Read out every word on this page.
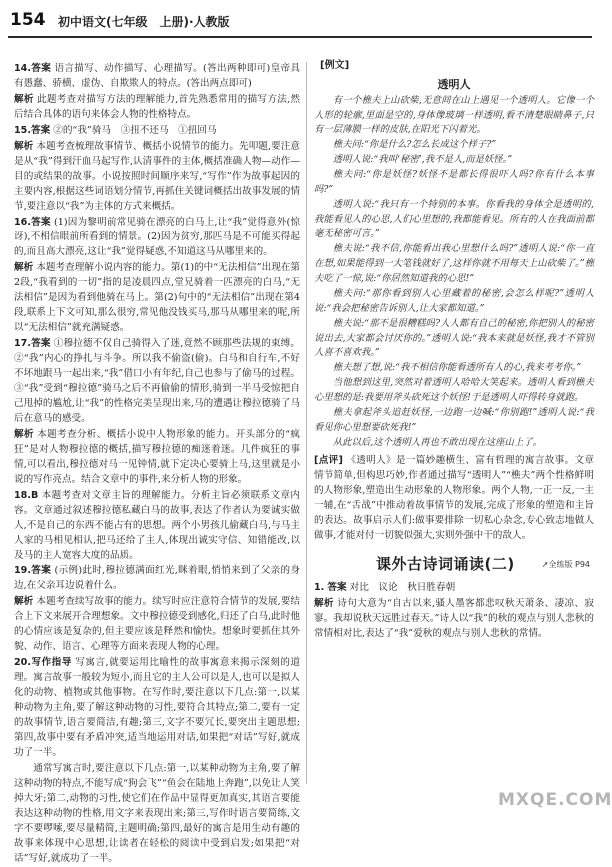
154 初中语文(七年级　上册)·人教版
14.答案 语言描写、动作描写、心理描写。(答出两种即可)皇帝具有愚蠢、骄横、虚伪、自欺欺人的特点。(答出两点即可)
解析 此题考查对描写方法的理解能力,首先熟悉常用的描写方法,然后结合具体的语句来体会人物的性格特点。
15.答案 ②的“我”骑马　③扭不还马　①扭回马
解析 本题考查梳理故事情节、概括小说情节的能力。先叩题,要注意是从“我”得到汗血马起写作,认清事件的主体,概括准确人物—动作—目的或结果的故事。小说按照时间顺序来写,“写作”作为故事起因的主要内容,根据这些词语划分情节,再抓住关键词概括出故事发展的情节,要注意以“我”为主体的方式来概括。
16.答案 (1)因为黎明前常见骑在漂亮的白马上,让“我”觉得意外(惊讶),不相信眼前所看到的情景。(2)因为贫穷,那匹马是不可能买得起的,而且高大漂亮,这让“我”觉得疑惑,不知道这马从哪里来的。
解析 本题考查理解小说内容的能力。第(1)的中“无法相信”出现在第2段,“我看到的一切”指的是凌晨四点,堂兄骑着一匹漂亮的白马,“无法相信”是因为看到他骑在马上。第(2)句中的“无法相信”出现在第4段,联系上下文可知,那么很穷,常见他没钱买马,那马从哪里来的呢,所以“无法相信”就充满疑惑。
17.答案 ①穆拉德不仅自己骑得入了迷,竟然不顾那些法规的束缚。②“我”内心的挣扎与斗争。所以我不偷盗(偷)。白马和自行车,不好不坏地跟马一起出来,“我”借口小有年纪,自己也参与了偷马的过程。③“我”受到“穆拉德”骑马之后不再偷偷的情形,骑到一半马受惊把自己甩掉的尴尬,让“我”的性格完美呈现出来,马的遭遇让穆拉德骑了马后在意马的感受。
解析 本题考查分析、概括小说中人物形象的能力。开头部分的“疯狂”是对人物穆拉德的概括,描写穆拉德的痴迷着迷。几件疯狂的事情,可以看出,穆拉德对马一见钟情,就下定决心要骑上马,这里就是小说的写作亮点。结合文章中的事件,来分析人物的形象。
18.B 本题考查对文章主旨的理解能力。分析主旨必须联系文章内容。文章通过叙述穆拉德私藏白马的故事,表达了作者认为要诚实做人,不是自己的东西不能占有的思想。两个小男孩儿偷藏白马,与马主人家的马相见相认,把马还给了主人,体现出诚实守信、知错能改,以及马的主人宽容大度的品质。
19.答案 (示例)此时,穆拉德满面红光,眯着眼,悄悄来到了父亲的身边,在父亲耳边说着什么。
解析 本题考查续写故事的能力。续写时应注意符合情节的发展,要结合上下文来展开合理想象。文中穆拉德受到感化,归还了白马,此时他的心情应该是复杂的,但主要应该是释然和愉快。想象时要抓住其外貌、动作、语言、心理等方面来表现人物的心理。
20.写作指导 写寓言,就要运用比喻性的故事寓意来揭示深刻的道理。寓言故事一般较为短小,而且它的主人公可以是人,也可以是拟人化的动物、植物或其他事物。在写作时,要注意以下几点:第一,以某种动物为主角,要了解这种动物的习性,要符合其特点;第二,要有一定的故事情节,语言要简洁,有趣;第三,文字不要冗长,要突出主题思想;第四,故事中要有矛盾冲突,适当地运用对话,如果把“对话”写好,就成功了一半。
通常写寓言时,要注意以下几点:第一,以某种动物为主角,要了解这种动物的特点,不能写成“狗会飞”“鱼会在陆地上奔跑”,以免让人笑掉大牙;第二,动物的习性,使它们在作品中显得更加真实,其语言要能表达这种动物的性格,用文字来表现出来;第三,写作时语言要简练,文字不要啰嗦,要尽量精简,主题明确;第四,最好的寓言是用生动有趣的故事来体现中心思想,让读者在轻松的阅读中受到启发;如果把“对话”写好,就成功了一半。
[例文]
透明人

有一个樵夫上山砍柴,无意间在山上遇见一个透明人。它像一个人形的轮廓,里面是空的,身体像玻璃一样透明,看不清楚眼睛鼻子,只有一层薄膜一样的皮肤,在阳光下闪着光。

樵夫问:“你是什么?怎么长成这个样子?”

透明人说:“我叫‘秘密’,我不是人,而是妖怪。”

樵夫问:“你是妖怪?妖怪不是都长得很吓人吗?你有什么本事吗?”

透明人说:“我只有一个特别的本事。你看我的身体全是透明的,我能看见人的心思,人们心里想的,我都能看见。所有的人在我面前都毫无秘密可言。”

樵夫说:“我不信,你能看出我心里想什么吗?”透明人说:“你一直在想,如果能得到一大笔钱就好了,这样你就不用每天上山砍柴了。”樵夫吃了一惊,说:“你居然知道我的心思!”

樵夫问:“那你看到别人心里藏着的秘密,会怎么样呢?”透明人说:“我会把秘密告诉别人,让大家都知道。”

樵夫说:“那不是很糟糕吗?人人都有自己的秘密,你把别人的秘密说出去,大家都会讨厌你的。”透明人说:“我本来就是妖怪,我才不管别人喜不喜欢我。”

樵夫想了想,说:“我不相信你能看透所有人的心,我来考考你。”

当他想到这里,突然对着透明人哈哈大笑起来。透明人看到樵夫心里想的是:我要用斧头砍死这个妖怪!于是透明人吓得转身就跑。

樵夫拿起斧头追赶妖怪,一边跑一边喊:“你别跑!”透明人说:“我看见你心里想要砍死我!”

从此以后,这个透明人再也不敢出现在这座山上了。

[点评] 《透明人》是一篇妙趣横生、富有哲理的寓言故事。文章情节简单,但构思巧妙,作者通过描写“透明人”“樵夫”两个性格鲜明的人物形象,塑造出生动形象的人物形象。两个人物,一正一反,一主一辅,在“舌战”中推动着故事情节的发展,完成了形象的塑造和主旨的表达。故事启示人们:做事要排除一切私心杂念,专心致志地做人做事,才能对付一切貌似强大,实则外强中干的敌人。
课外古诗词诵读(二)	➚全练版 P94
1. 答案 对比　议论　秋日胜春朝
解析 诗句大意为“自古以来,骚人墨客都悲叹秋天萧条、凄凉、寂寥。我却说秋天远胜过春天。”诗人以“我”的秋的观点与别人悲秋的常情相对比,表达了“我”爱秋的观点与别人悲秋的常情。
MXQE.COM
